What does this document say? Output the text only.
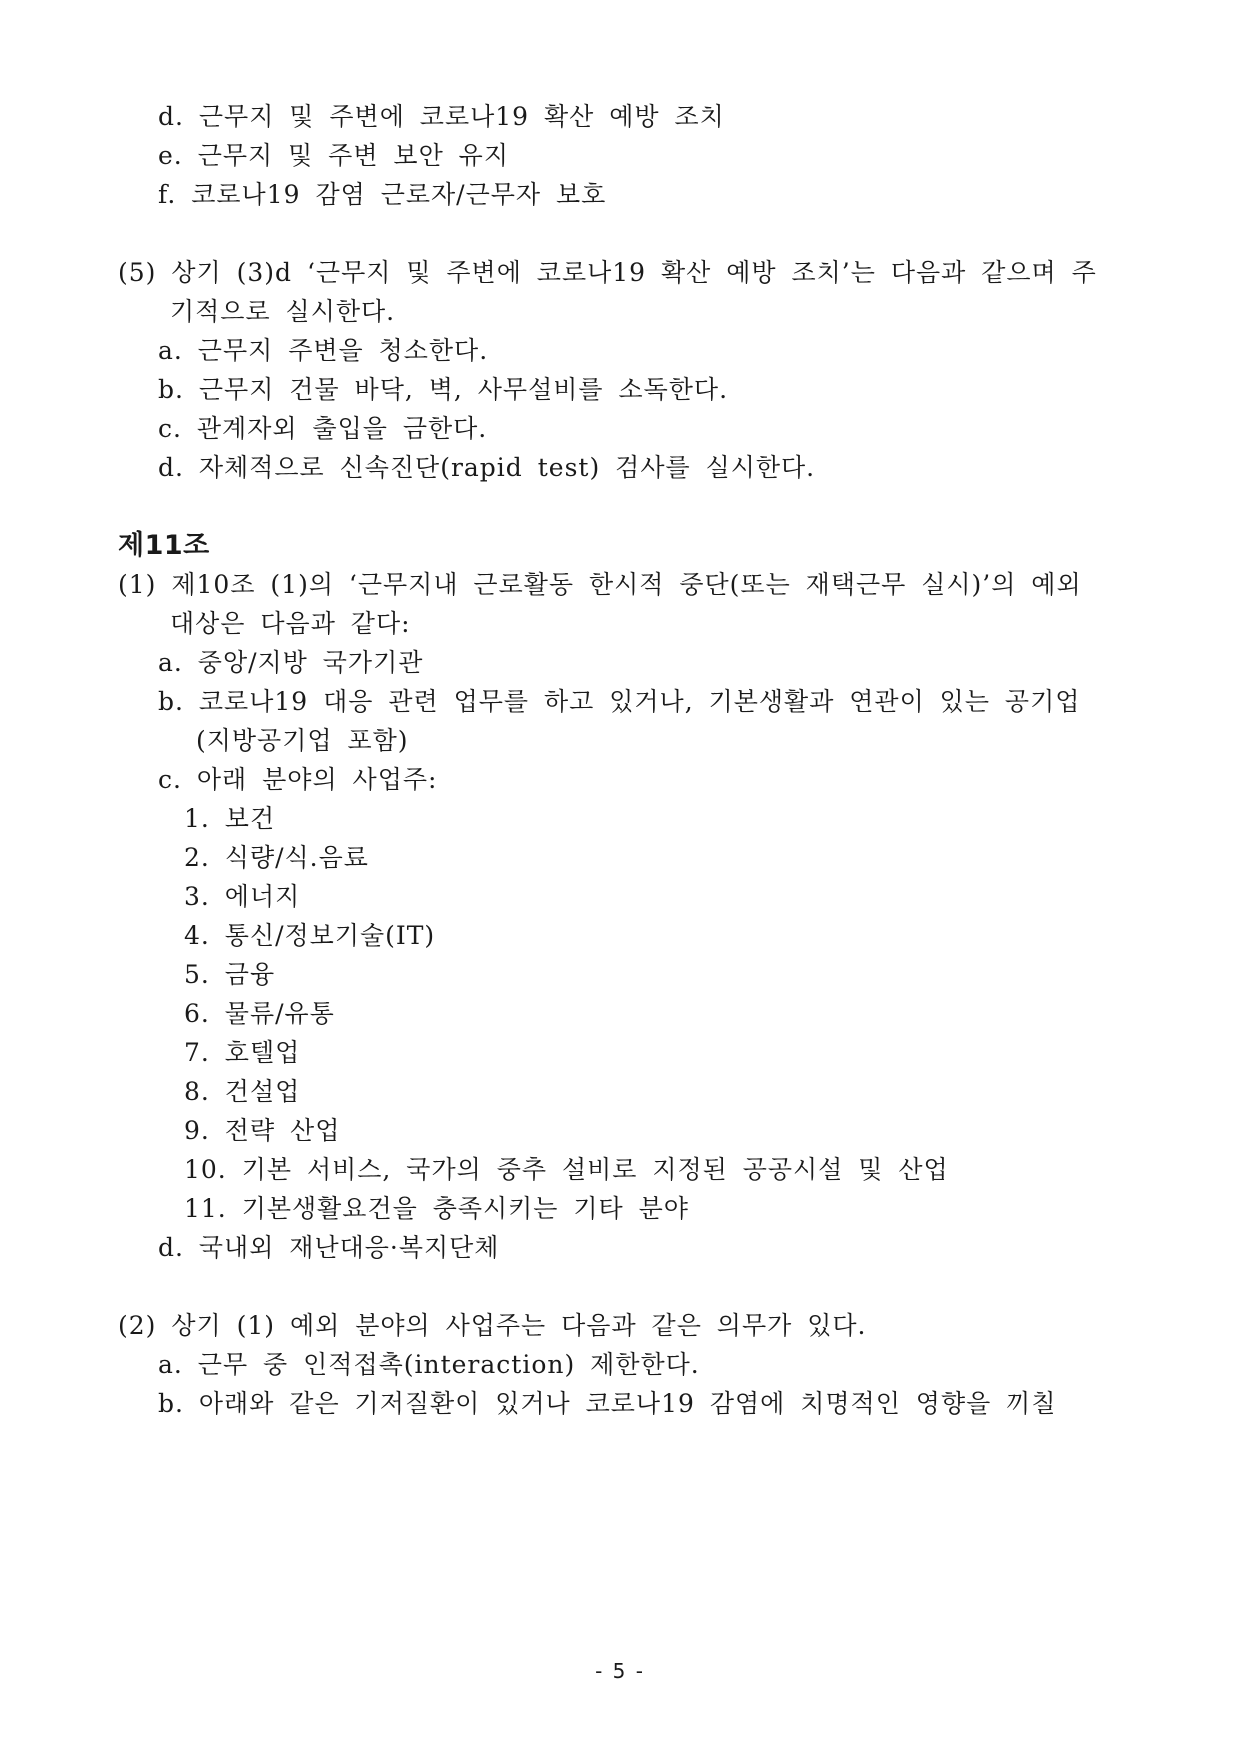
d. 근무지 및 주변에 코로나19 확산 예방 조치
e. 근무지 및 주변 보안 유지
f. 코로나19 감염 근로자/근무자 보호
(5) 상기 (3)d ‘근무지 및 주변에 코로나19 확산 예방 조치’는 다음과 같으며 주
기적으로 실시한다.
a. 근무지 주변을 청소한다.
b. 근무지 건물 바닥, 벽, 사무설비를 소독한다.
c. 관계자외 출입을 금한다.
d. 자체적으로 신속진단(rapid test) 검사를 실시한다.
제11조
(1) 제10조 (1)의 ‘근무지내 근로활동 한시적 중단(또는 재택근무 실시)’의 예외
대상은 다음과 같다:
a. 중앙/지방 국가기관
b. 코로나19 대응 관련 업무를 하고 있거나, 기본생활과 연관이 있는 공기업
(지방공기업 포함)
c. 아래 분야의 사업주:
1. 보건
2. 식량/식.음료
3. 에너지
4. 통신/정보기술(IT)
5. 금융
6. 물류/유통
7. 호텔업
8. 건설업
9. 전략 산업
10. 기본 서비스, 국가의 중추 설비로 지정된 공공시설 및 산업
11. 기본생활요건을 충족시키는 기타 분야
d. 국내외 재난대응·복지단체
(2) 상기 (1) 예외 분야의 사업주는 다음과 같은 의무가 있다.
a. 근무 중 인적접촉(interaction) 제한한다.
b. 아래와 같은 기저질환이 있거나 코로나19 감염에 치명적인 영향을 끼칠
- 5 -
